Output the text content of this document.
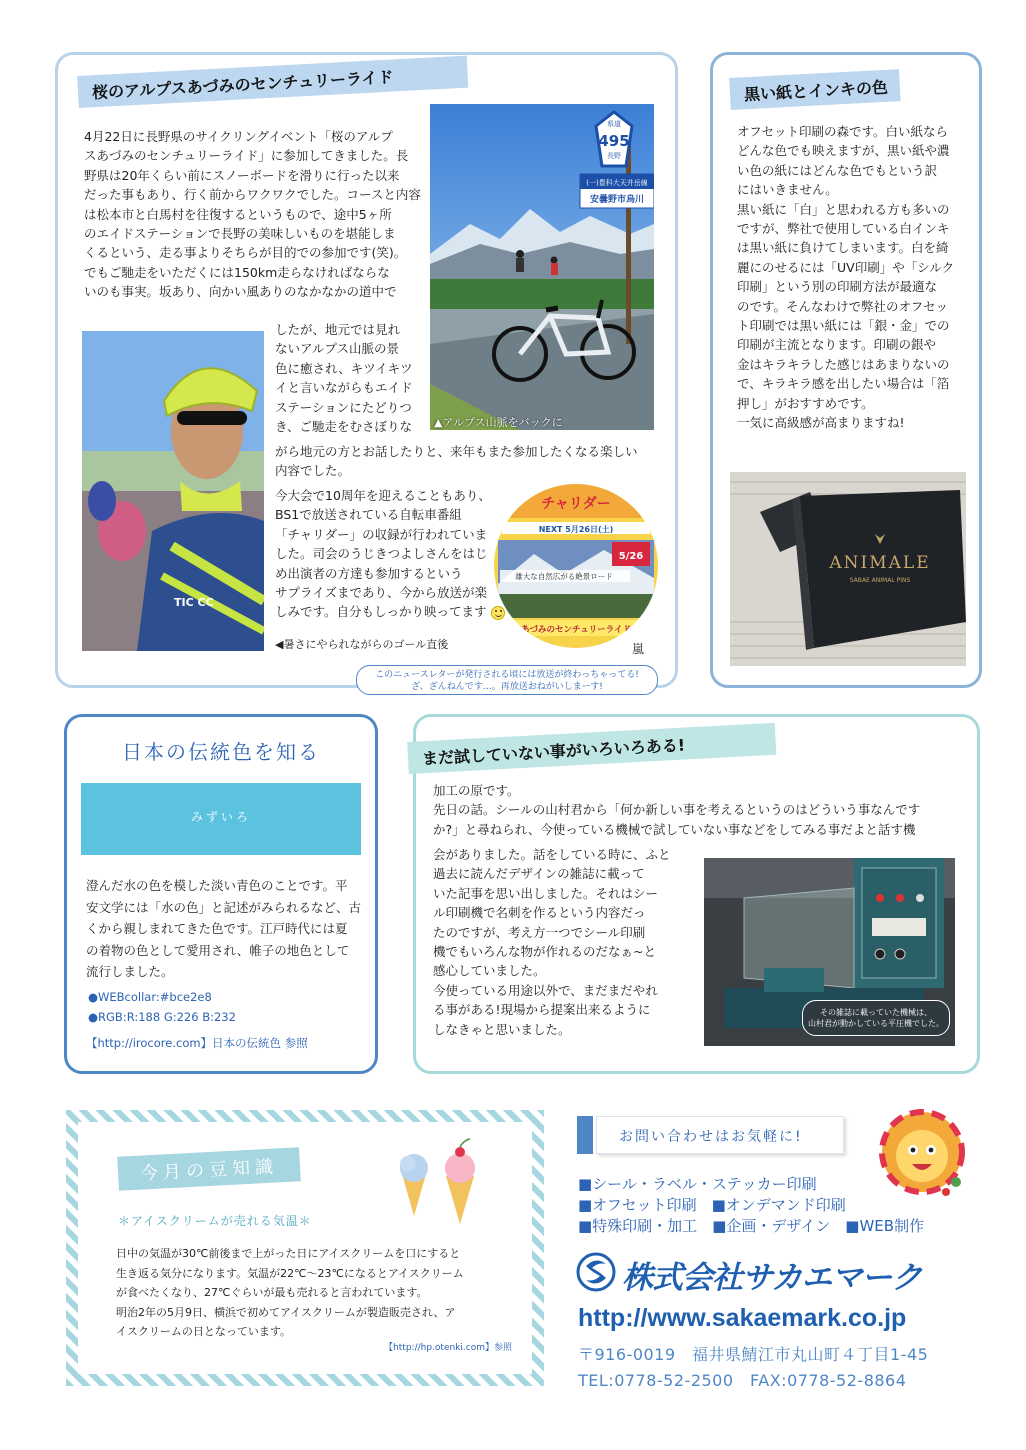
桜のアルプスあづみのセンチュリーライド
県道
495
長野
(一)豊科大天井岳線
安曇野市烏川
▲アルプス山脈をバックに
4月22日に長野県のサイクリングイベント「桜のアルプ
スあづみのセンチュリーライド」に参加してきました。長
野県は20年くらい前にスノーボードを滑りに行った以来
だった事もあり、行く前からワクワクでした。コースと内容
は松本市と白馬村を往復するというもので、途中5ヶ所
のエイドステーションで長野の美味しいものを堪能しま
くるという、走る事よりそちらが目的での参加です(笑)。
でもご馳走をいただくには150km走らなければならな
いのも事実。坂あり、向かい風ありのなかなかの道中で
TIC CC
したが、地元では見れ
ないアルプス山脈の景
色に癒され、キツイキツ
イと言いながらもエイド
ステーションにたどりつ
き、ご馳走をむさぼりな
がら地元の方とお話したりと、来年もまた参加したくなる楽しい
内容でした。
今大会で10周年を迎えることもあり、
BS1で放送されている自転車番組
「チャリダー」の収録が行われていま
した。司会のうじきつよしさんをはじ
め出演者の方達も参加するという
サプライズまであり、今から放送が楽
しみです。自分もしっかり映ってます
チャリダー
NEXT 5月26日(土)
5/26
雄大な自然広がる絶景ロード
あづみのセンチュリーライド
◀暑さにやられながらのゴール直後	嵐
このニュースレターが発行される頃には放送が終わっちゃってる!
ざ、ざんねんです…。再放送おねがいしまーす!
黒い紙とインキの色
オフセット印刷の森です。白い紙なら
どんな色でも映えますが、黒い紙や濃
い色の紙にはどんな色でもという訳
にはいきません。
黒い紙に「白」と思われる方も多いの
ですが、弊社で使用している白インキ
は黒い紙に負けてしまいます。白を綺
麗にのせるには「UV印刷」や「シルク
印刷」という別の印刷方法が最適な
のです。そんなわけで弊社のオフセッ
ト印刷では黒い紙には「銀・金」での
印刷が主流となります。印刷の銀や
金はキラキラした感じはあまりないの
で、キラキラ感を出したい場合は「箔
押し」がおすすめです。
一気に高級感が高まりますね!
ANIMALE
SABAE ANIMAL PINS
日本の伝統色を知る
みずいろ
澄んだ水の色を模した淡い青色のことです。平
安文学には「水の色」と記述がみられるなど、古
くから親しまれてきた色です。江戸時代には夏
の着物の色として愛用され、帷子の地色として
流行しました。
●WEBcollar:#bce2e8
●RGB:R:188 G:226 B:232
【http://irocore.com】日本の伝統色 参照
まだ試していない事がいろいろある!
加工の原です。
先日の話。シールの山村君から「何か新しい事を考えるというのはどういう事なんです
か?」と尋ねられ、今使っている機械で試していない事などをしてみる事だよと話す機
会がありました。話をしている時に、ふと
過去に読んだデザインの雑誌に載って
いた記事を思い出しました。それはシー
ル印刷機で名刺を作るという内容だっ
たのですが、考え方一つでシール印刷
機でもいろんな物が作れるのだなぁ~と
感心していました。
今使っている用途以外で、まだまだやれ
る事がある!現場から提案出来るように
しなきゃと思いました。
その雑誌に載っていた機械は、
山村君が動かしている平圧機でした。
今月の豆知識
＊アイスクリームが売れる気温＊
日中の気温が30℃前後まで上がった日にアイスクリームを口にすると
生き返る気分になります。気温が22℃～23℃になるとアイスクリーム
が食べたくなり、27℃ぐらいが最も売れると言われています。
明治2年の5月9日、横浜で初めてアイスクリームが製造販売され、ア
イスクリームの日となっています。
【http://hp.otenki.com】参照
お問い合わせはお気軽に!
■シール・ラベル・ステッカー印刷
■オフセット印刷　■オンデマンド印刷
■特殊印刷・加工　■企画・デザイン　■WEB制作
株式会社サカエマーク
http://www.sakaemark.co.jp
〒916-0019　福井県鯖江市丸山町４丁目1-45
TEL:0778-52-2500　FAX:0778-52-8864
